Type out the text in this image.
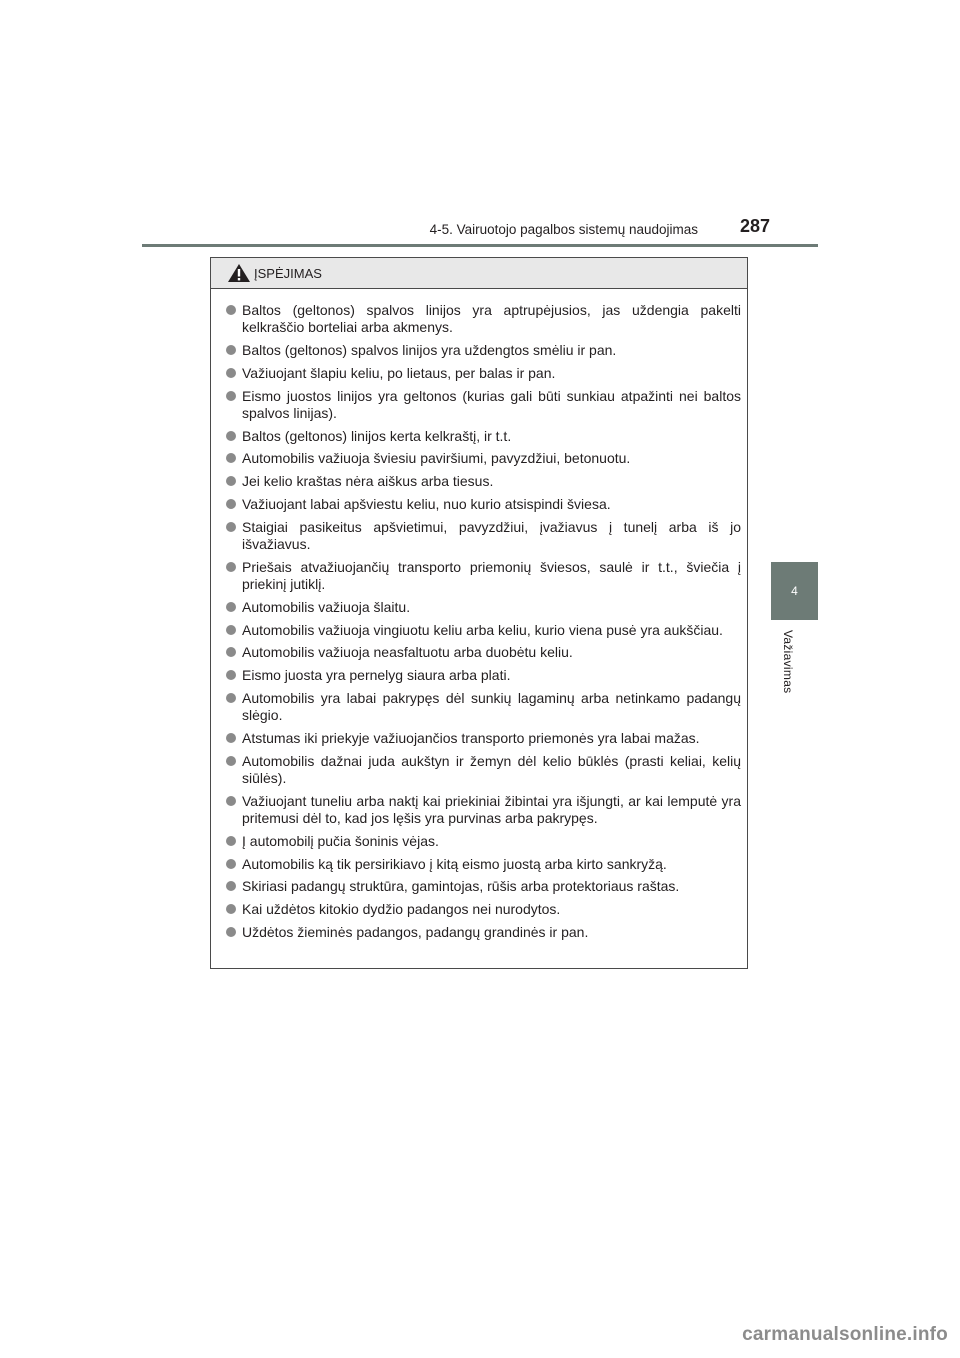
4-5. Vairuotojo pagalbos sistemų naudojimas 287
4
Važiavimas
ĮSPĖJIMAS
Baltos (geltonos) spalvos linijos yra aptrupėjusios, jas uždengia pakelti kelkraščio borteliai arba akmenys.
Baltos (geltonos) spalvos linijos yra uždengtos smėliu ir pan.
Važiuojant šlapiu keliu, po lietaus, per balas ir pan.
Eismo juostos linijos yra geltonos (kurias gali būti sunkiau atpažinti nei baltos spalvos linijas).
Baltos (geltonos) linijos kerta kelkraštį, ir t.t.
Automobilis važiuoja šviesiu paviršiumi, pavyzdžiui, betonuotu.
Jei kelio kraštas nėra aiškus arba tiesus.
Važiuojant labai apšviestu keliu, nuo kurio atsispindi šviesa.
Staigiai pasikeitus apšvietimui, pavyzdžiui, įvažiavus į tunelį arba iš jo išvažiavus.
Priešais atvažiuojančių transporto priemonių šviesos, saulė ir t.t., šviečia į priekinį jutiklį.
Automobilis važiuoja šlaitu.
Automobilis važiuoja vingiuotu keliu arba keliu, kurio viena pusė yra aukščiau.
Automobilis važiuoja neasfaltuotu arba duobėtu keliu.
Eismo juosta yra pernelyg siaura arba plati.
Automobilis yra labai pakrypęs dėl sunkių lagaminų arba netinkamo padangų slėgio.
Atstumas iki priekyje važiuojančios transporto priemonės yra labai mažas.
Automobilis dažnai juda aukštyn ir žemyn dėl kelio būklės (prasti keliai, kelių siūlės).
Važiuojant tuneliu arba naktį kai priekiniai žibintai yra išjungti, ar kai lemputė yra pritemusi dėl to, kad jos lęšis yra purvinas arba pakrypęs.
Į automobilį pučia šoninis vėjas.
Automobilis ką tik persirikiavo į kitą eismo juostą arba kirto sankryžą.
Skiriasi padangų struktūra, gamintojas, rūšis arba protektoriaus raštas.
Kai uždėtos kitokio dydžio padangos nei nurodytos.
Uždėtos žieminės padangos, padangų grandinės ir pan.
carmanualsonline.info
